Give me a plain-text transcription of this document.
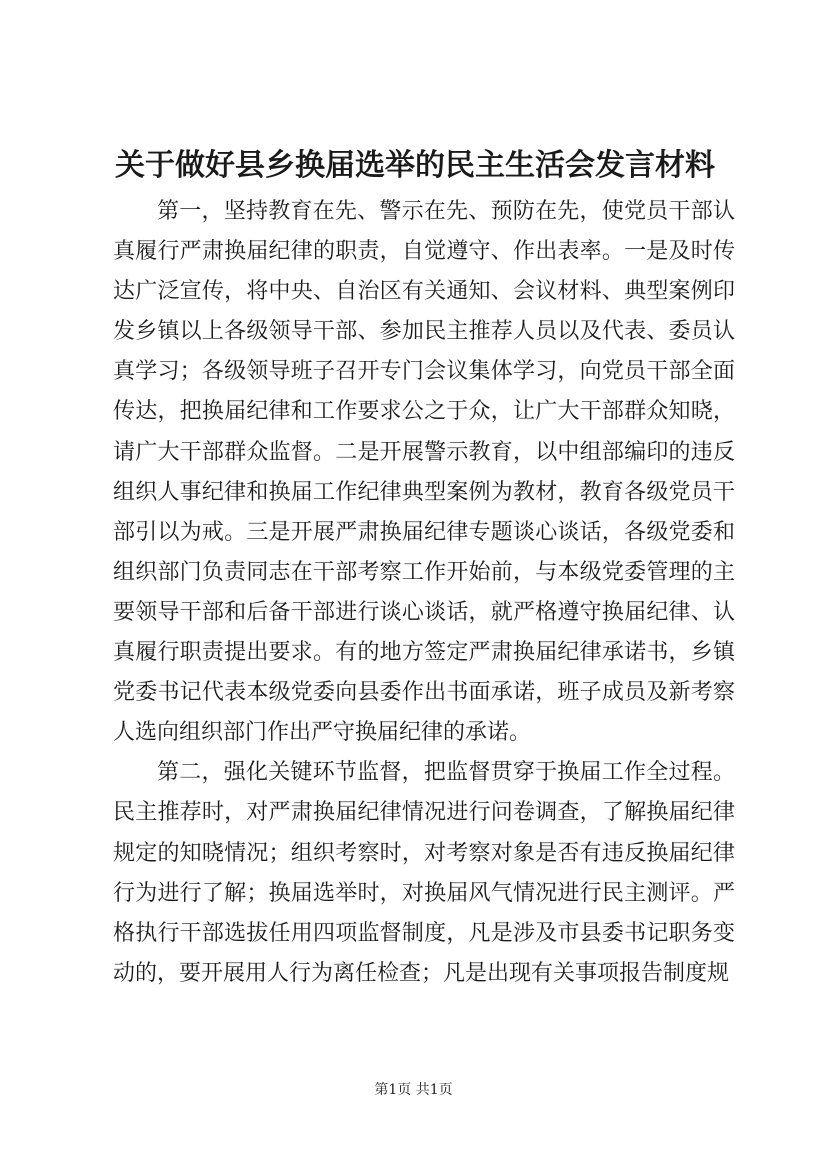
关于做好县乡换届选举的民主生活会发言材料

第一，坚持教育在先、警示在先、预防在先，使党员干部认真履行严肃换届纪律的职责，自觉遵守、作出表率。一是及时传达广泛宣传，将中央、自治区有关通知、会议材料、典型案例印发乡镇以上各级领导干部、参加民主推荐人员以及代表、委员认真学习；各级领导班子召开专门会议集体学习，向党员干部全面传达，把换届纪律和工作要求公之于众，让广大干部群众知晓，请广大干部群众监督。二是开展警示教育，以中组部编印的违反组织人事纪律和换届工作纪律典型案例为教材，教育各级党员干部引以为戒。三是开展严肃换届纪律专题谈心谈话，各级党委和组织部门负责同志在干部考察工作开始前，与本级党委管理的主要领导干部和后备干部进行谈心谈话，就严格遵守换届纪律、认真履行职责提出要求。有的地方签定严肃换届纪律承诺书，乡镇党委书记代表本级党委向县委作出书面承诺，班子成员及新考察人选向组织部门作出严守换届纪律的承诺。

第二，强化关键环节监督，把监督贯穿于换届工作全过程。民主推荐时，对严肃换届纪律情况进行问卷调查，了解换届纪律规定的知晓情况；组织考察时，对考察对象是否有违反换届纪律行为进行了解；换届选举时，对换届风气情况进行民主测评。严格执行干部选拔任用四项监督制度，凡是涉及市县委书记职务变动的，要开展用人行为离任检查；凡是出现有关事项报告制度规

第1页 共1页
